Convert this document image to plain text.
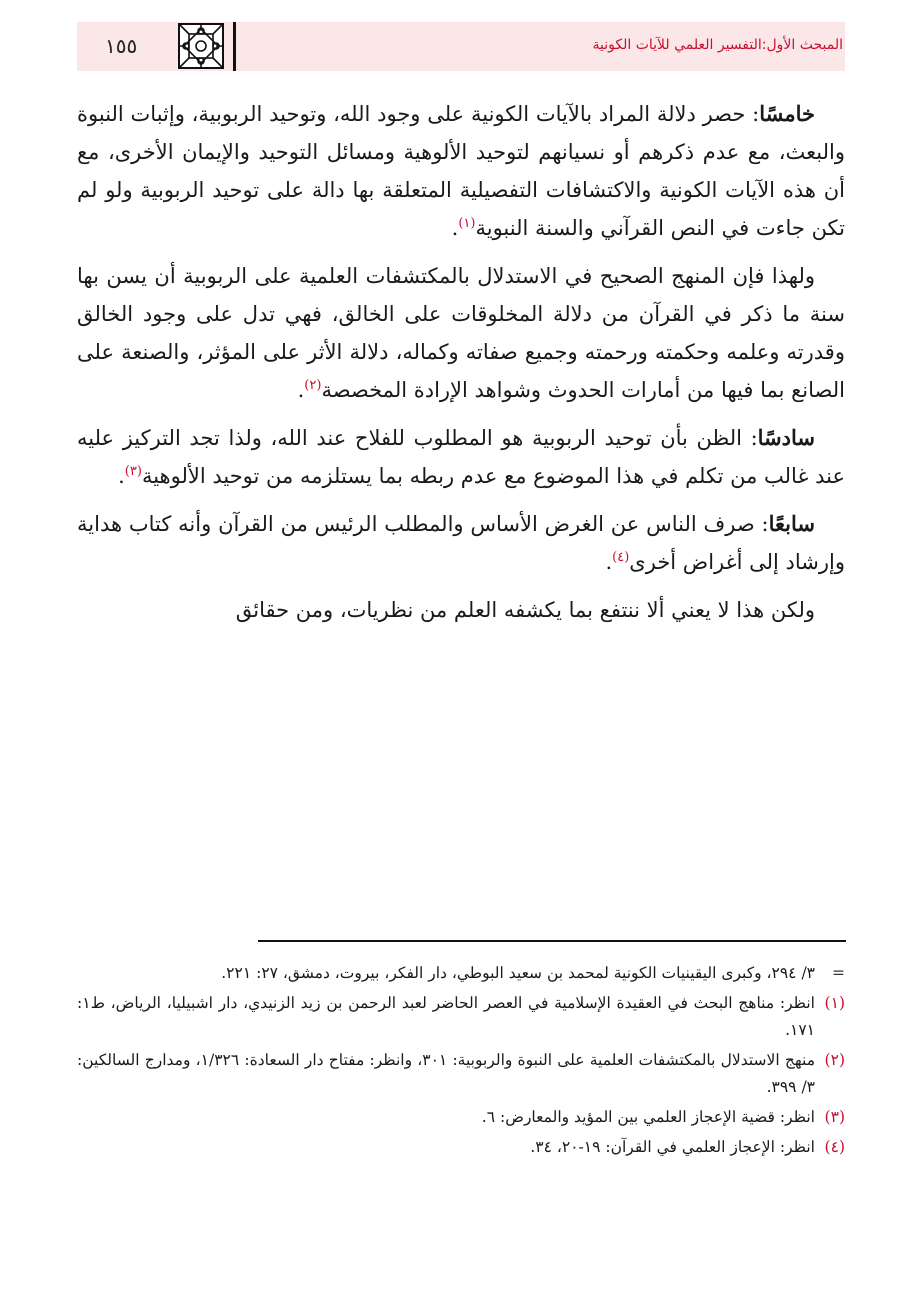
١٥٥	المبحث الأول:التفسير العلمي للآيات الكونية

خامسًا: حصر دلالة المراد بالآيات الكونية على وجود الله، وتوحيد الربوبية، وإثبات النبوة والبعث، مع عدم ذكرهم أو نسيانهم لتوحيد الألوهية ومسائل التوحيد والإيمان الأخرى، مع أن هذه الآيات الكونية والاكتشافات التفصيلية المتعلقة بها دالة على توحيد الربوبية ولو لم تكن جاءت في النص القرآني والسنة النبوية$^{(١)}$.

ولهذا فإن المنهج الصحيح في الاستدلال بالمكتشفات العلمية على الربوبية أن يسن بها سنة ما ذكر في القرآن من دلالة المخلوقات على الخالق، فهي تدل على وجود الخالق وقدرته وعلمه وحكمته ورحمته وجميع صفاته وكماله، دلالة الأثر على المؤثر، والصنعة على الصانع بما فيها من أمارات الحدوث وشواهد الإرادة المخصصة$^{(٢)}$.

سادسًا: الظن بأن توحيد الربوبية هو المطلوب للفلاح عند الله، ولذا تجد التركيز عليه عند غالب من تكلم في هذا الموضوع مع عدم ربطه بما يستلزمه من توحيد الألوهية$^{(٣)}$.

سابعًا: صرف الناس عن الغرض الأساس والمطلب الرئيس من القرآن وأنه كتاب هداية وإرشاد إلى أغراض أخرى$^{(٤)}$.

ولكن هذا لا يعني ألا ننتفع بما يكشفه العلم من نظريات، ومن حقائق

=
٣/ ٢٩٤، وكبرى اليقينيات الكونية لمحمد بن سعيد البوطي، دار الفكر، بيروت، دمشق، ٢٧: ٢٢١.
(١)
انظر: مناهج البحث في العقيدة الإسلامية في العصر الحاضر لعبد الرحمن بن زيد الزنيدي، دار اشبيليا، الرياض، ط١: ١٧١.
(٢)
منهج الاستدلال بالمكتشفات العلمية على النبوة والربوبية: ٣٠١، وانظر: مفتاح دار السعادة: ١/٣٢٦، ومدارج السالكين: ٣/ ٣٩٩.
(٣)
انظر: قضية الإعجاز العلمي بين المؤيد والمعارض: ٦.
(٤)
انظر: الإعجاز العلمي في القرآن: ١٩-٢٠، ٣٤.
